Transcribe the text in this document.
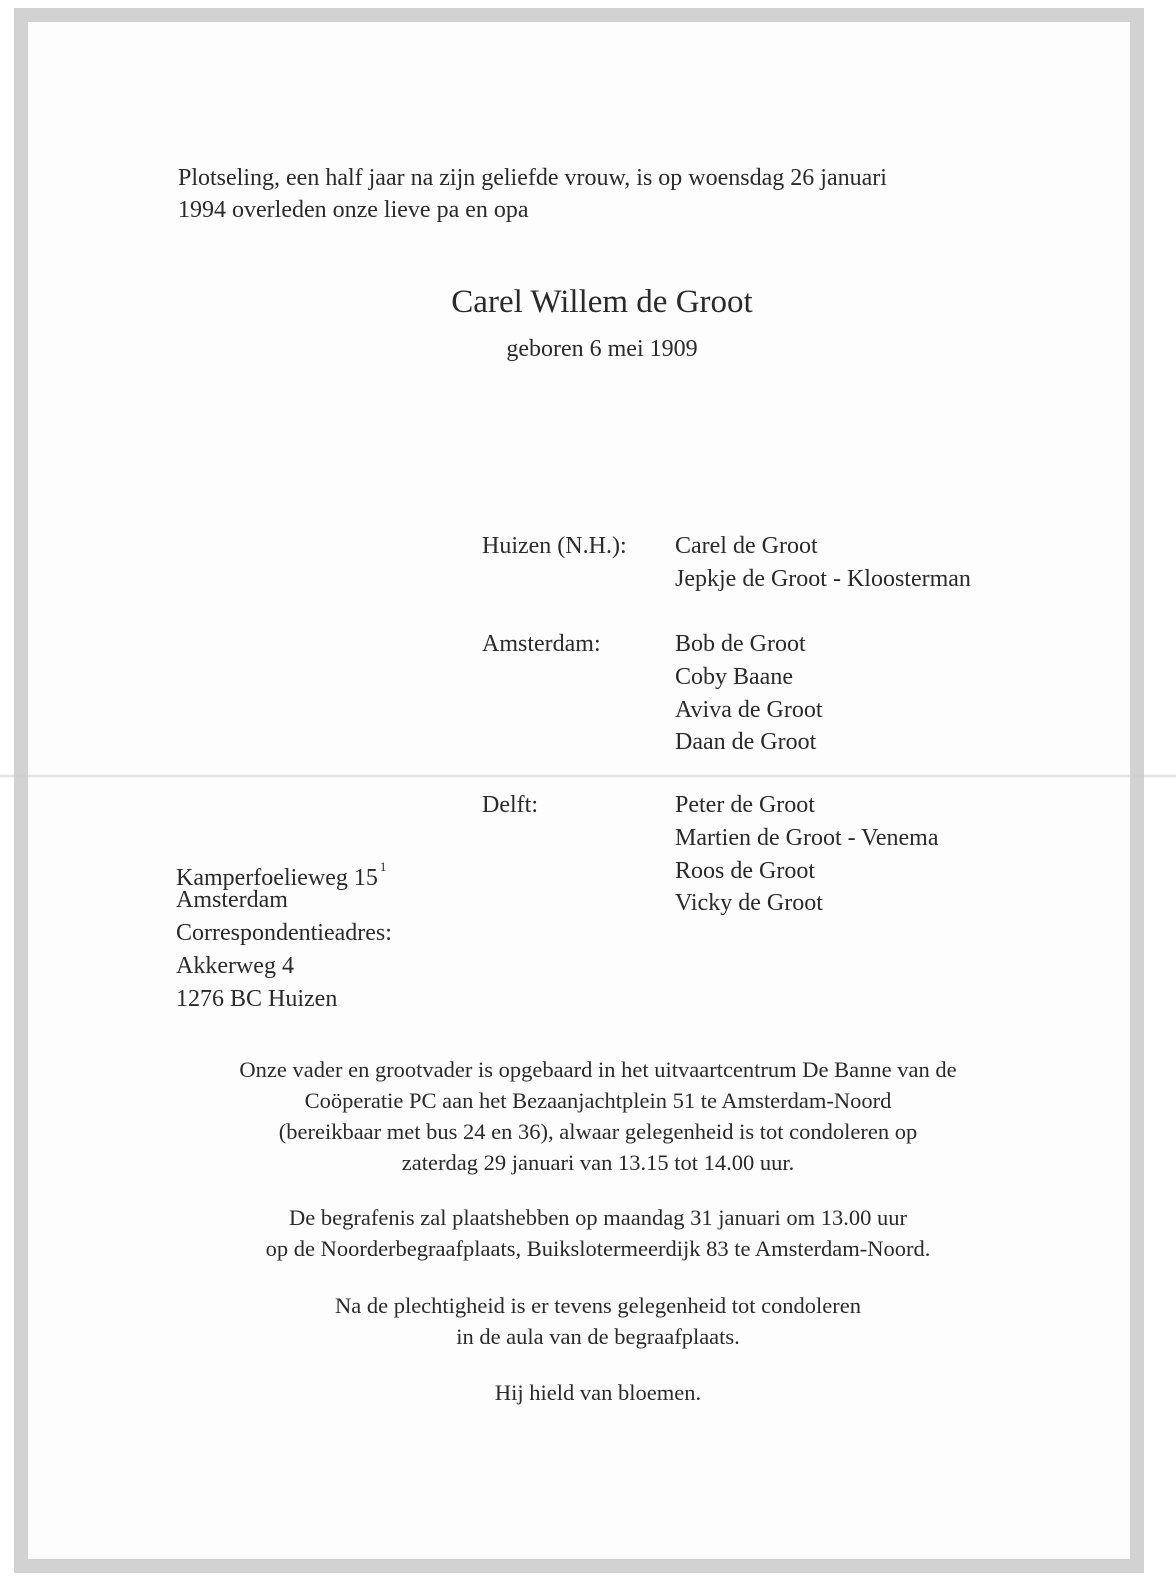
Plotseling, een half jaar na zijn geliefde vrouw, is op woensdag 26 januari

1994 overleden onze lieve pa en opa

Carel Willem de Groot

geboren 6 mei 1909

Huizen (N.H.): Carel de Groot

Jepkje de Groot - Kloosterman

Amsterdam:	Bob de Groot

Coby Baane

Aviva de Groot

Daan de Groot

Delft:	Peter de Groot

Martien de Groot - Venema

Roos de Groot

Vicky de Groot

Kamperfoelieweg 15 $^1$

Amsterdam

Correspondentieadres:

Akkerweg 4

1276 BC Huizen

Onze vader en grootvader is opgebaard in het uitvaartcentrum De Banne van de

Coöperatie PC aan het Bezaanjachtplein 51 te Amsterdam-Noord

(bereikbaar met bus 24 en 36), alwaar gelegenheid is tot condoleren op

zaterdag 29 januari van 13.15 tot 14.00 uur.

De begrafenis zal plaatshebben op maandag 31 januari om 13.00 uur

op de Noorderbegraafplaats, Buikslotermeerdijk 83 te Amsterdam-Noord.

Na de plechtigheid is er tevens gelegenheid tot condoleren

in de aula van de begraafplaats.

Hij hield van bloemen.
